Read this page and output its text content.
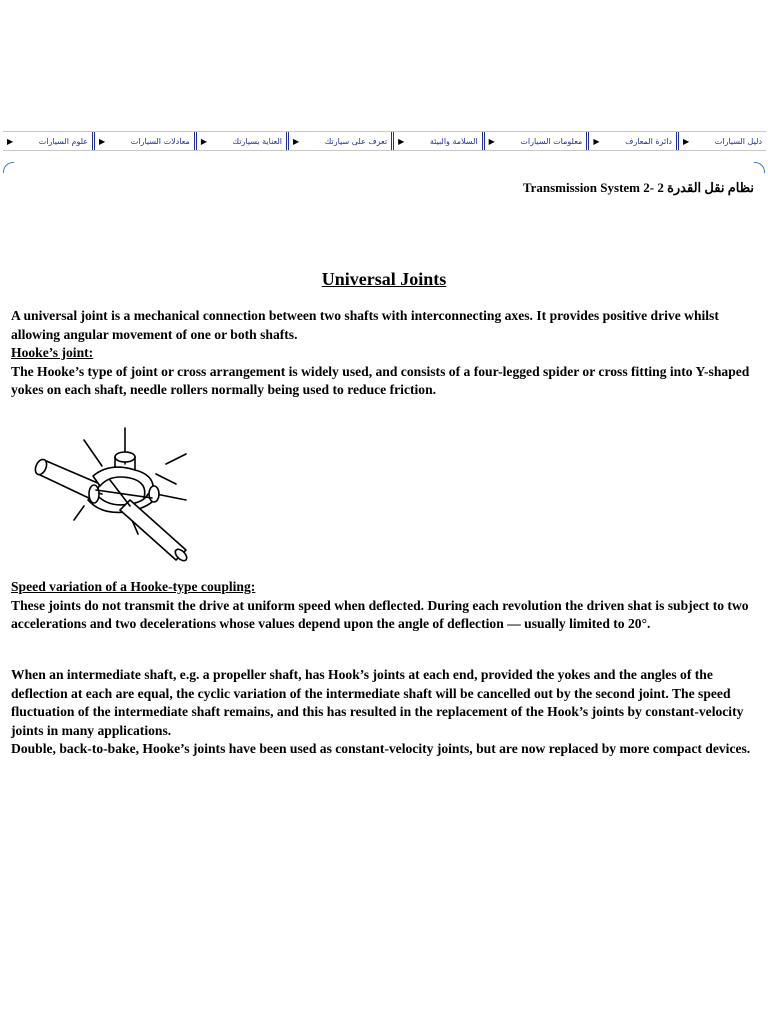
دليل السيارات
▶
دائرة المعارف
▶
معلومات السيارات
▶
السلامة والبيئة
▶
تعرف على سيارتك
▶
العناية بسيارتك
▶
معادلات السيارات
▶
علوم السيارات
▶
Transmission System 2- 2 نظام نقل القدرة
Universal Joints

A universal joint is a mechanical connection between two shafts with interconnecting axes. It provides positive drive whilst allowing angular movement of one or both shafts.
Hooke’s joint:
The Hooke’s type of joint or cross arrangement is widely used, and consists of a four-legged spider or cross fitting into Y-shaped yokes on each shaft, needle rollers normally being used to reduce friction.

Speed variation of a Hooke-type coupling:
These joints do not transmit the drive at uniform speed when deflected. During each revolution the driven shat is subject to two accelerations and two decelerations whose values depend upon the angle of deflection — usually limited to 20°.

When an intermediate shaft, e.g. a propeller shaft, has Hook’s joints at each end, provided the yokes and the angles of the deflection at each are equal, the cyclic variation of the intermediate shaft will be cancelled out by the second joint. The speed fluctuation of the intermediate shaft remains, and this has resulted in the replacement of the Hook’s joints by constant-velocity joints in many applications.
Double, back-to-bake, Hooke’s joints have been used as constant-velocity joints, but are now replaced by more compact devices.
